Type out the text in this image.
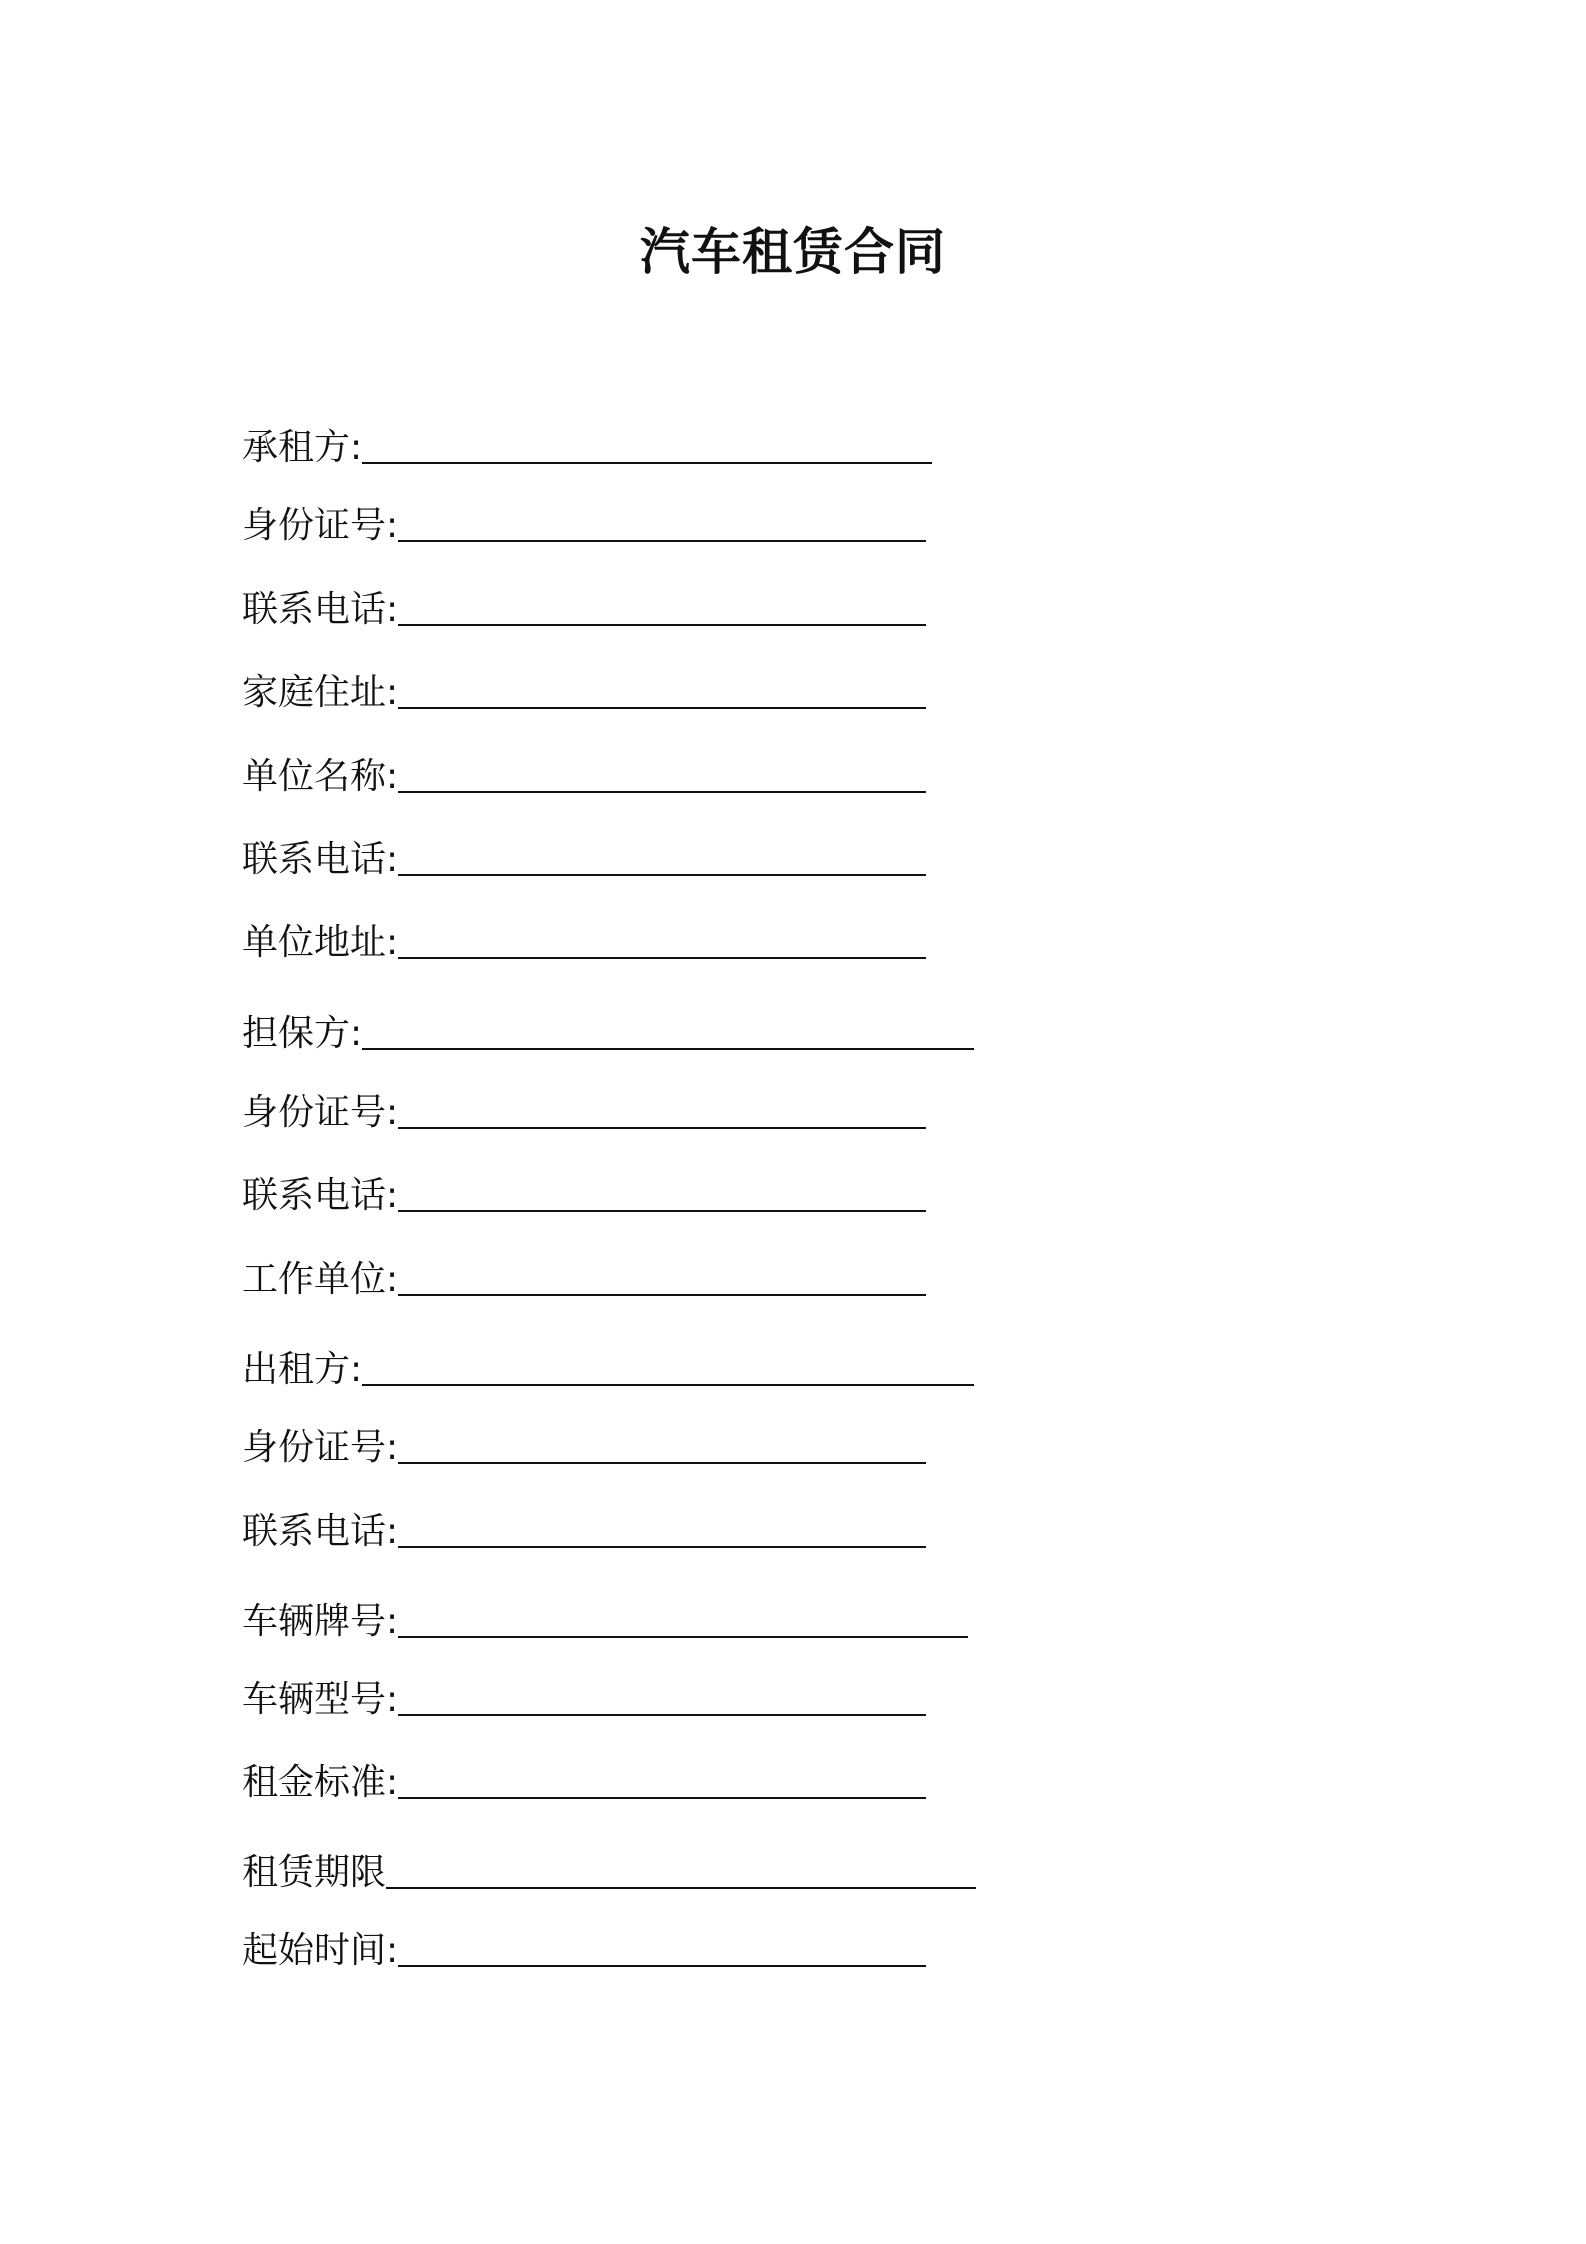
汽车租赁合同
承租方:
身份证号:
联系电话:
家庭住址:
单位名称:
联系电话:
单位地址:
担保方:
身份证号:
联系电话:
工作单位:
出租方:
身份证号:
联系电话:
车辆牌号:
车辆型号:
租金标准:
租赁期限
起始时间:
